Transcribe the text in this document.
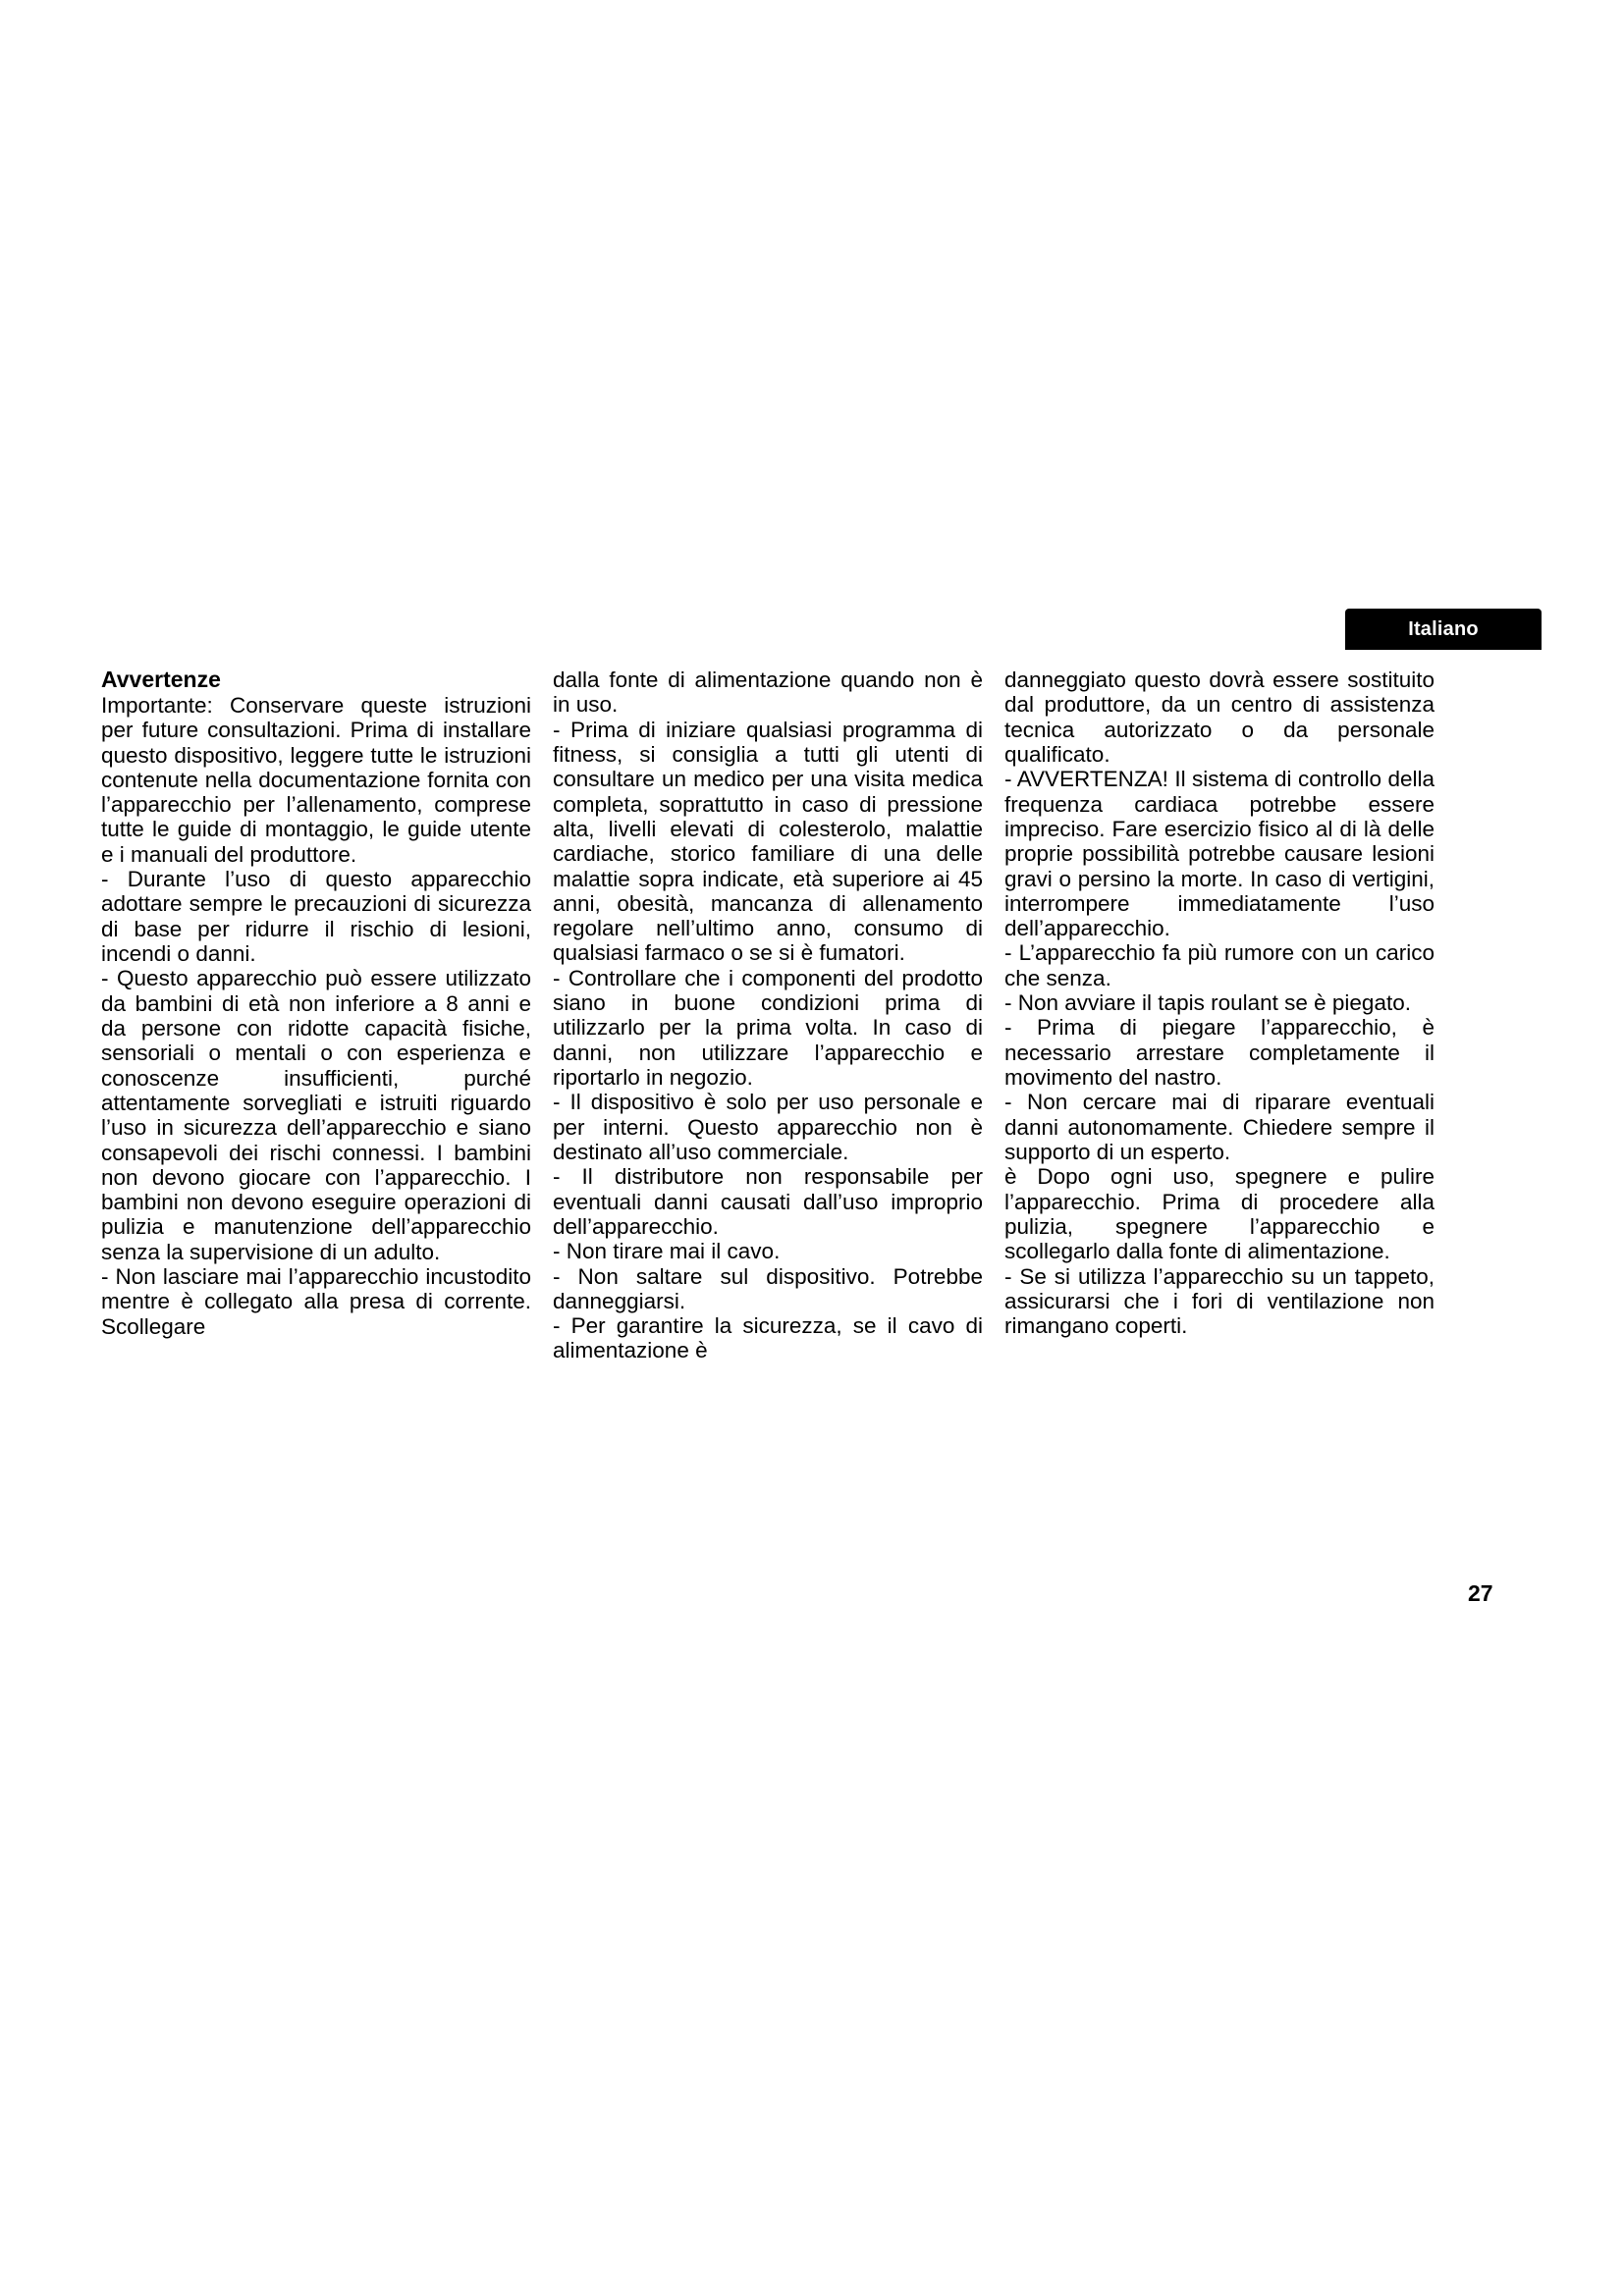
Italiano

Avvertenze

Importante: Conservare queste istruzioni per future consultazioni. Prima di installare questo dispositivo, leggere tutte le istruzioni contenute nella documentazione fornita con l’apparecchio per l’allenamento, comprese tutte le guide di montaggio, le guide utente e i manuali del produttore.

- Durante l’uso di questo apparecchio adottare sempre le precauzioni di sicurezza di base per ridurre il rischio di lesioni, incendi o danni.

- Questo apparecchio può essere utilizzato da bambini di età non inferiore a 8 anni e da persone con ridotte capacità fisiche, sensoriali o mentali o con esperienza e conoscenze insufficienti, purché attentamente sorvegliati e istruiti riguardo l’uso in sicurezza dell’apparecchio e siano consapevoli dei rischi connessi. I bambini non devono giocare con l’apparecchio. I bambini non devono eseguire operazioni di pulizia e manutenzione dell’apparecchio senza la supervisione di un adulto.

- Non lasciare mai l’apparecchio incustodito mentre è collegato alla presa di corrente. Scollegare

dalla fonte di alimentazione quando non è in uso.

- Prima di iniziare qualsiasi programma di fitness, si consiglia a tutti gli utenti di consultare un medico per una visita medica completa, soprattutto in caso di pressione alta, livelli elevati di colesterolo, malattie cardiache, storico familiare di una delle malattie sopra indicate, età superiore ai 45 anni, obesità, mancanza di allenamento regolare nell’ultimo anno, consumo di qualsiasi farmaco o se si è fumatori.

- Controllare che i componenti del prodotto siano in buone condizioni prima di utilizzarlo per la prima volta. In caso di danni, non utilizzare l’apparecchio e riportarlo in negozio.

- Il dispositivo è solo per uso personale e per interni. Questo apparecchio non è destinato all’uso commerciale.

- Il distributore non responsabile per eventuali danni causati dall’uso improprio dell’apparecchio.

- Non tirare mai il cavo.

- Non saltare sul dispositivo. Potrebbe danneggiarsi.

- Per garantire la sicurezza, se il cavo di alimentazione è

danneggiato questo dovrà essere sostituito dal produttore, da un centro di assistenza tecnica autorizzato o da personale qualificato.

- AVVERTENZA! Il sistema di controllo della frequenza cardiaca potrebbe essere impreciso. Fare esercizio fisico al di là delle proprie possibilità potrebbe causare lesioni gravi o persino la morte. In caso di vertigini, interrompere immediatamente l’uso dell’apparecchio.

- L’apparecchio fa più rumore con un carico che senza.

- Non avviare il tapis roulant se è piegato.

- Prima di piegare l’apparecchio, è necessario arrestare completamente il movimento del nastro.

- Non cercare mai di riparare eventuali danni autonomamente. Chiedere sempre il supporto di un esperto.

è Dopo ogni uso, spegnere e pulire l’apparecchio. Prima di procedere alla pulizia, spegnere l’apparecchio e scollegarlo dalla fonte di alimentazione.

- Se si utilizza l’apparecchio su un tappeto, assicurarsi che i fori di ventilazione non rimangano coperti.

27
